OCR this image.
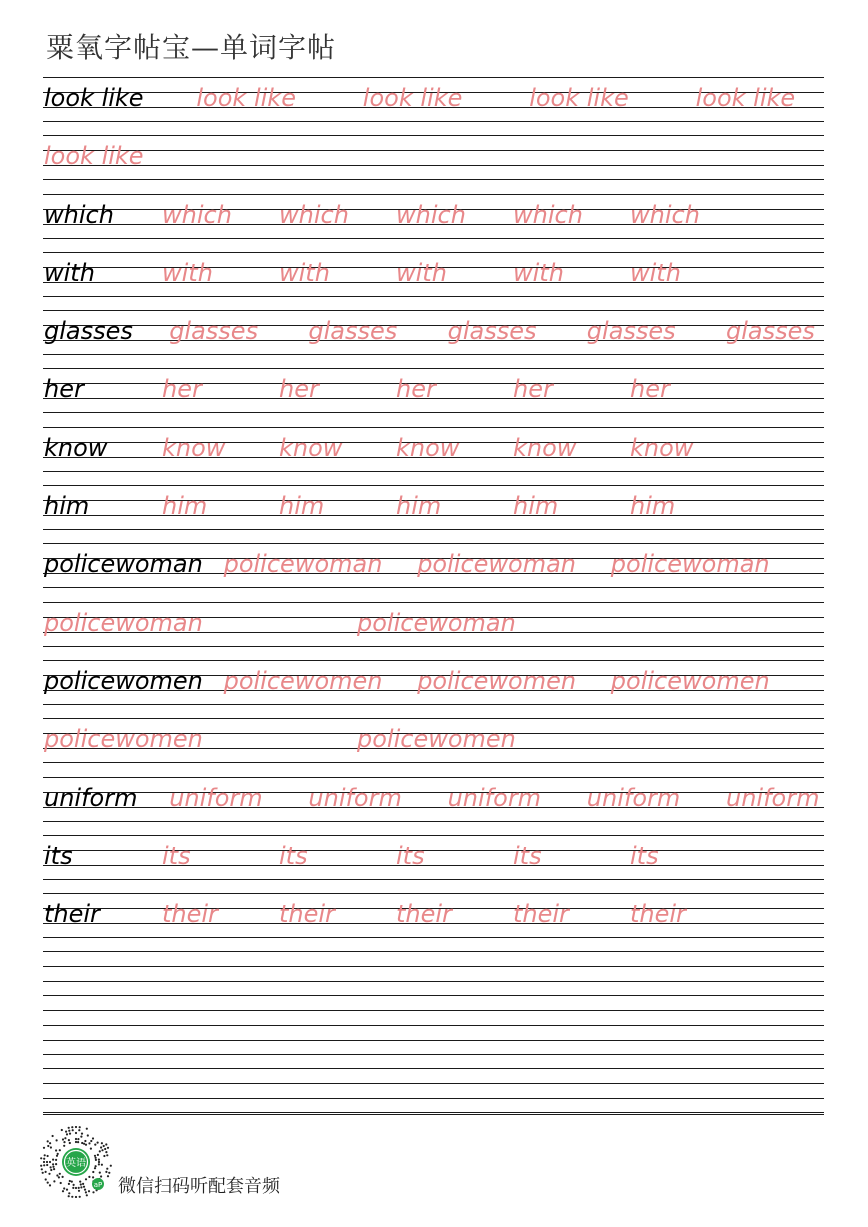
粟氧字帖宝—单词字帖
look like look like	look like	look like	look like
look like
which which which which which which
with	with	with	with	with	with
glasses glasses glasses glasses glasses glasses
her	her	her	her	her	her
know know know know know know
him	him	him	him	him	him
policewoman policewoman policewoman policewoman
policewoman	policewoman
policewomen policewomen policewomen policewomen
policewomen	policewomen
uniform uniform uniform uniform uniform uniform
its	its	its	its	its	its
their	their	their	their	their	their
英语
aP 微信扫码听配套音频
